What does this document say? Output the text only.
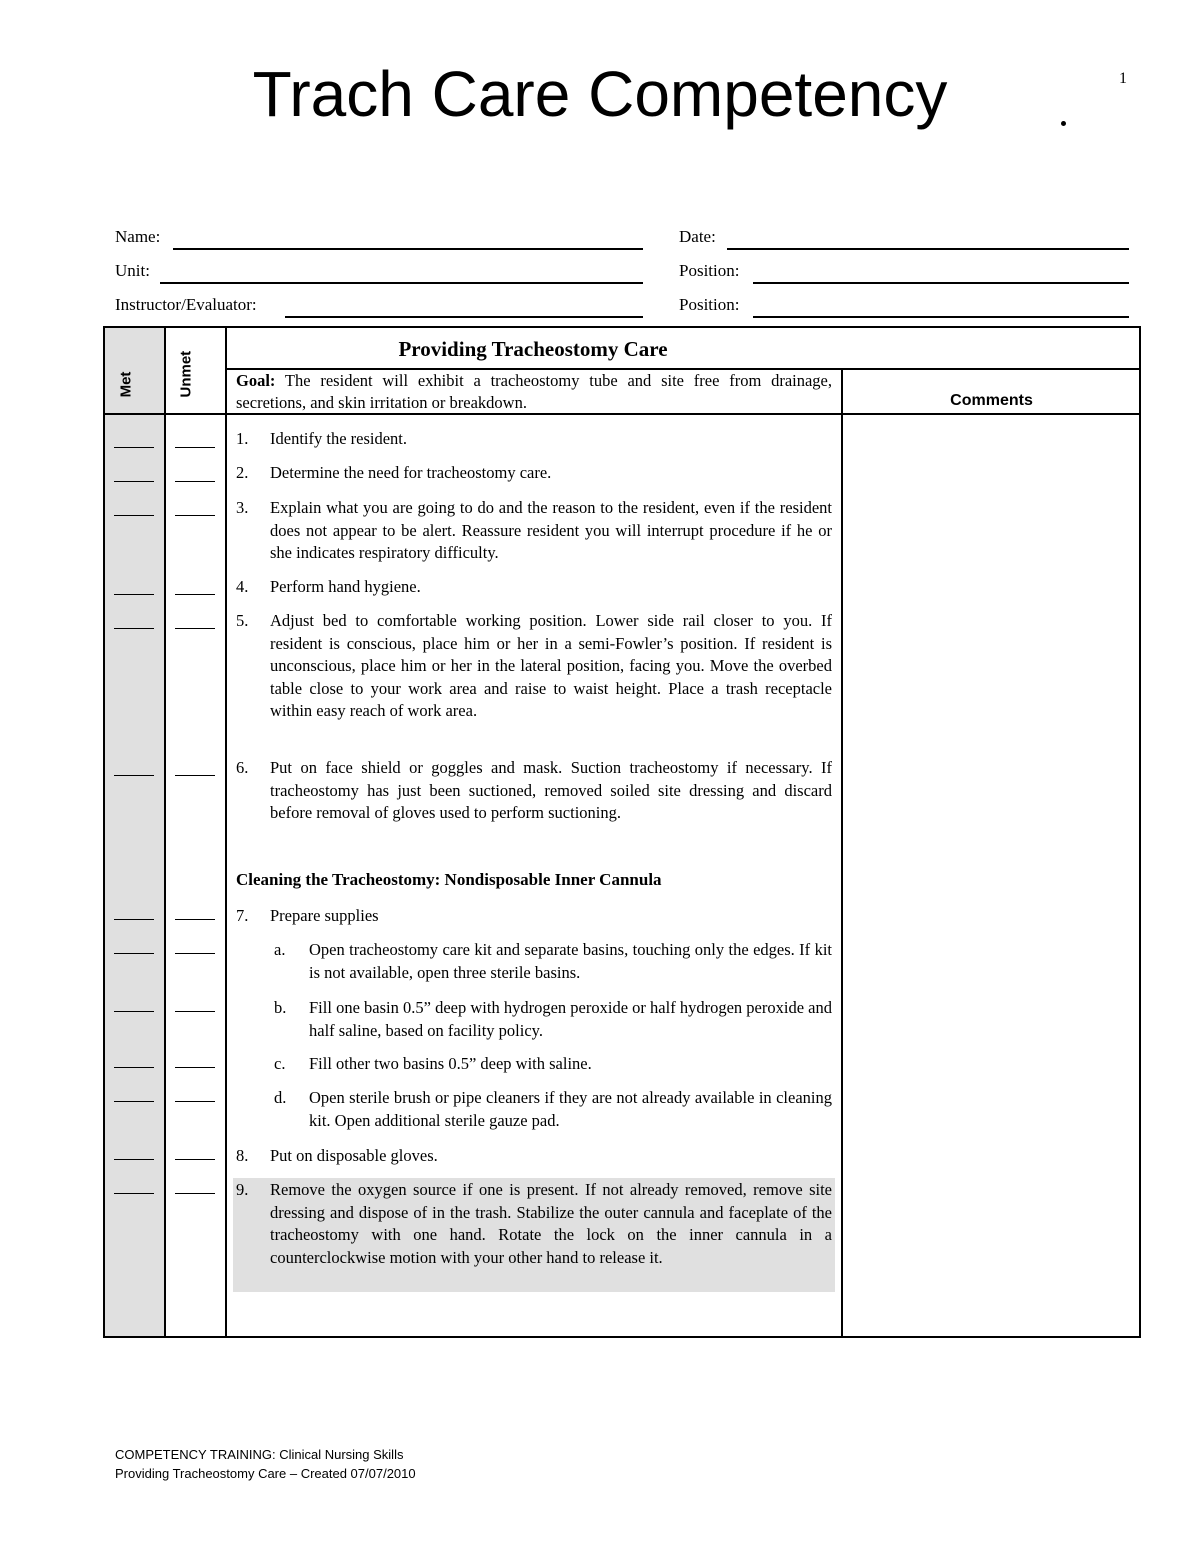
Trach Care Competency	1
Name:	Date:
Unit:	Position:
Instructor/Evaluator:	Position:
Met	Unmet
Providing Tracheostomy Care
Goal: The resident will exhibit a tracheostomy tube and site free from drainage, secretions, and skin irritation or breakdown.	Comments
1. Identify the resident.
2. Determine the need for tracheostomy care.
3. Explain what you are going to do and the reason to the resident, even if the resident does not appear to be alert. Reassure resident you will interrupt procedure if he or she indicates respiratory difficulty.
4. Perform hand hygiene.
5. Adjust bed to comfortable working position. Lower side rail closer to you. If resident is conscious, place him or her in a semi-Fowler’s position. If resident is unconscious, place him or her in the lateral position, facing you. Move the overbed table close to your work area and raise to waist height. Place a trash receptacle within easy reach of work area.
6. Put on face shield or goggles and mask. Suction tracheostomy if necessary. If tracheostomy has just been suctioned, removed soiled site dressing and discard before removal of gloves used to perform suctioning.
Cleaning the Tracheostomy: Nondisposable Inner Cannula
7. Prepare supplies
a. Open tracheostomy care kit and separate basins, touching only the edges. If kit is not available, open three sterile basins.
b. Fill one basin 0.5” deep with hydrogen peroxide or half hydrogen peroxide and half saline, based on facility policy.
c. Fill other two basins 0.5” deep with saline.
d. Open sterile brush or pipe cleaners if they are not already available in cleaning kit. Open additional sterile gauze pad.
8. Put on disposable gloves.
9. Remove the oxygen source if one is present. If not already removed, remove site dressing and dispose of in the trash. Stabilize the outer cannula and faceplate of the tracheostomy with one hand. Rotate the lock on the inner cannula in a counterclockwise motion with your other hand to release it.
COMPETENCY TRAINING: Clinical Nursing Skills
Providing Tracheostomy Care – Created 07/07/2010
